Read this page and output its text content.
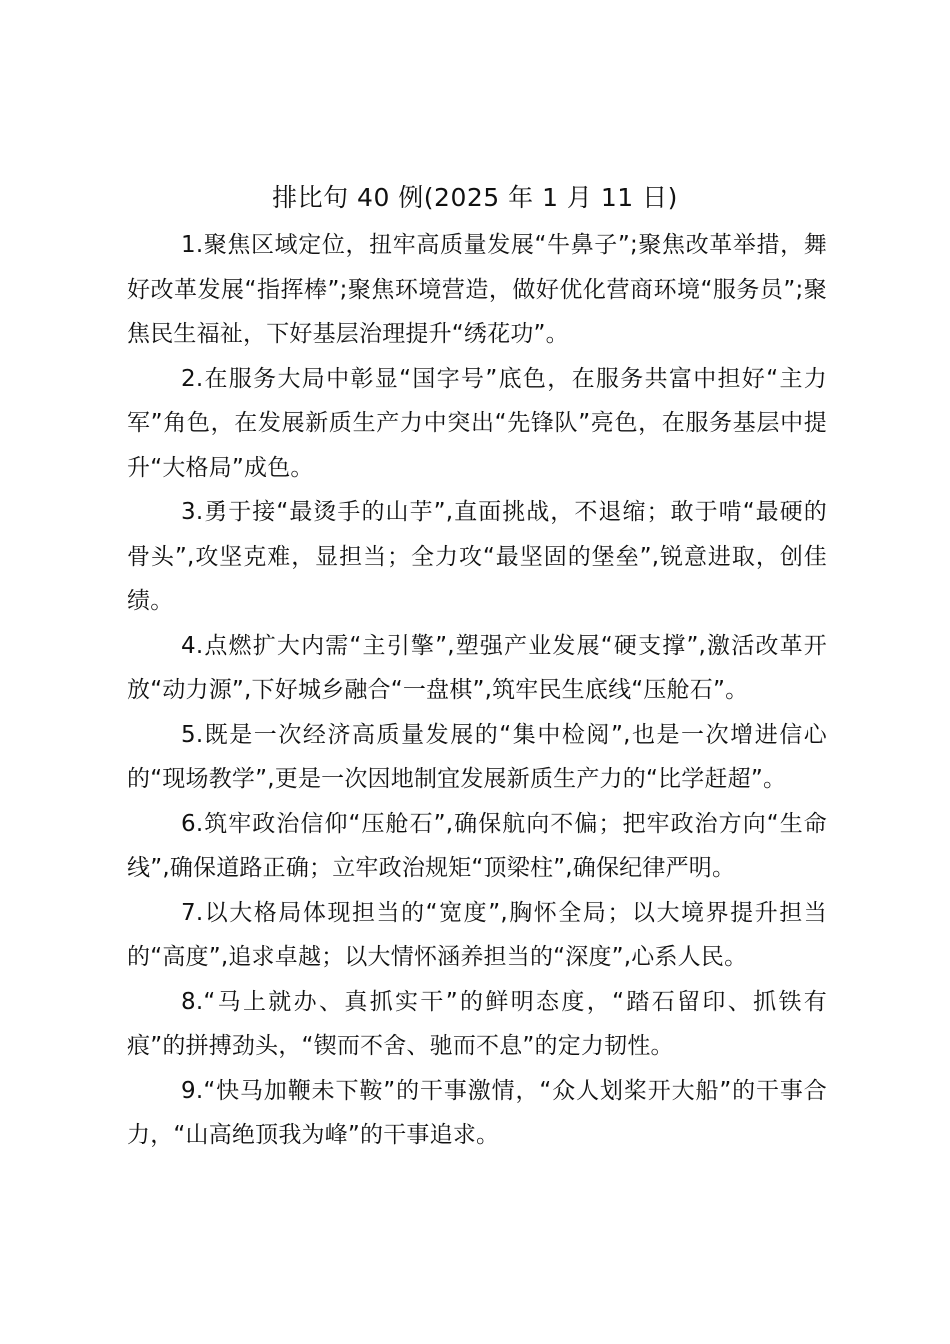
排比句 40 例(2025 年 1 月 11 日)

1.聚焦区域定位，扭牢高质量发展“牛鼻子”;聚焦改革举措，舞好改革发展“指挥棒”;聚焦环境营造，做好优化营商环境“服务员”;聚焦民生福祉，下好基层治理提升“绣花功”。

2.在服务大局中彰显“国字号”底色，在服务共富中担好“主力军”角色，在发展新质生产力中突出“先锋队”亮色，在服务基层中提升“大格局”成色。

3.勇于接“最烫手的山芋”,直面挑战，不退缩；敢于啃“最硬的骨头”,攻坚克难，显担当；全力攻“最坚固的堡垒”,锐意进取，创佳绩。

4.点燃扩大内需“主引擎”,塑强产业发展“硬支撑”,激活改革开放“动力源”,下好城乡融合“一盘棋”,筑牢民生底线“压舱石”。

5.既是一次经济高质量发展的“集中检阅”,也是一次增进信心的“现场教学”,更是一次因地制宜发展新质生产力的“比学赶超”。

6.筑牢政治信仰“压舱石”,确保航向不偏；把牢政治方向“生命线”,确保道路正确；立牢政治规矩“顶梁柱”,确保纪律严明。

7.以大格局体现担当的“宽度”,胸怀全局；以大境界提升担当的“高度”,追求卓越；以大情怀涵养担当的“深度”,心系人民。

8.“马上就办、真抓实干”的鲜明态度，“踏石留印、抓铁有痕”的拼搏劲头，“锲而不舍、驰而不息”的定力韧性。

9.“快马加鞭未下鞍”的干事激情，“众人划桨开大船”的干事合力，“山高绝顶我为峰”的干事追求。
